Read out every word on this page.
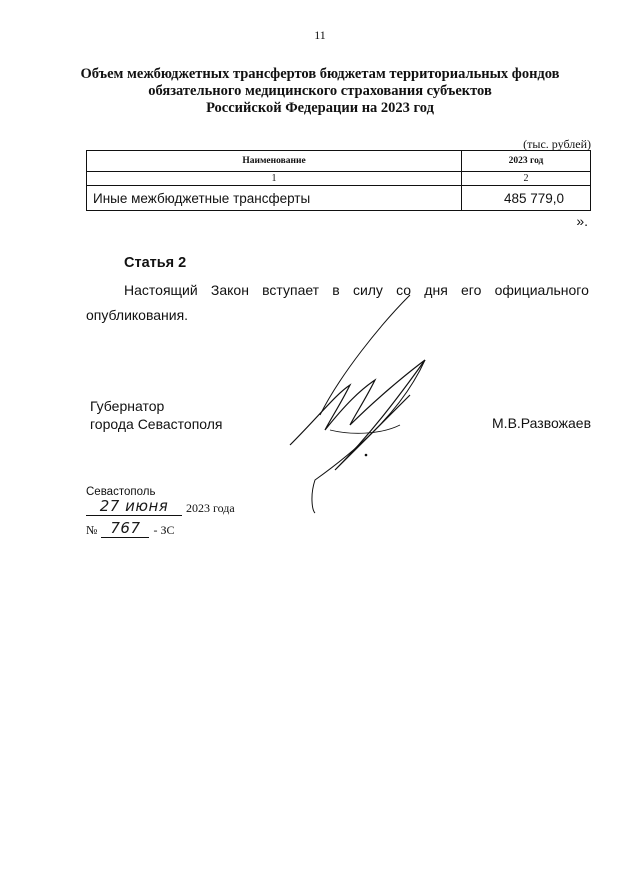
11
Объем межбюджетных трансфертов бюджетам территориальных фондов
обязательного медицинского страхования субъектов
Российской Федерации на 2023 год
(тыс. рублей)
Наименование	2023 год
1	2
Иные межбюджетные трансферты	485 779,0
».
Статья 2
Настоящий Закон вступает в силу со дня его официального
опубликования.
Губернатор
города Севастополя	М.В.Развожаев
Севастополь
27 июня	2023 года
№ 767	- ЗС
